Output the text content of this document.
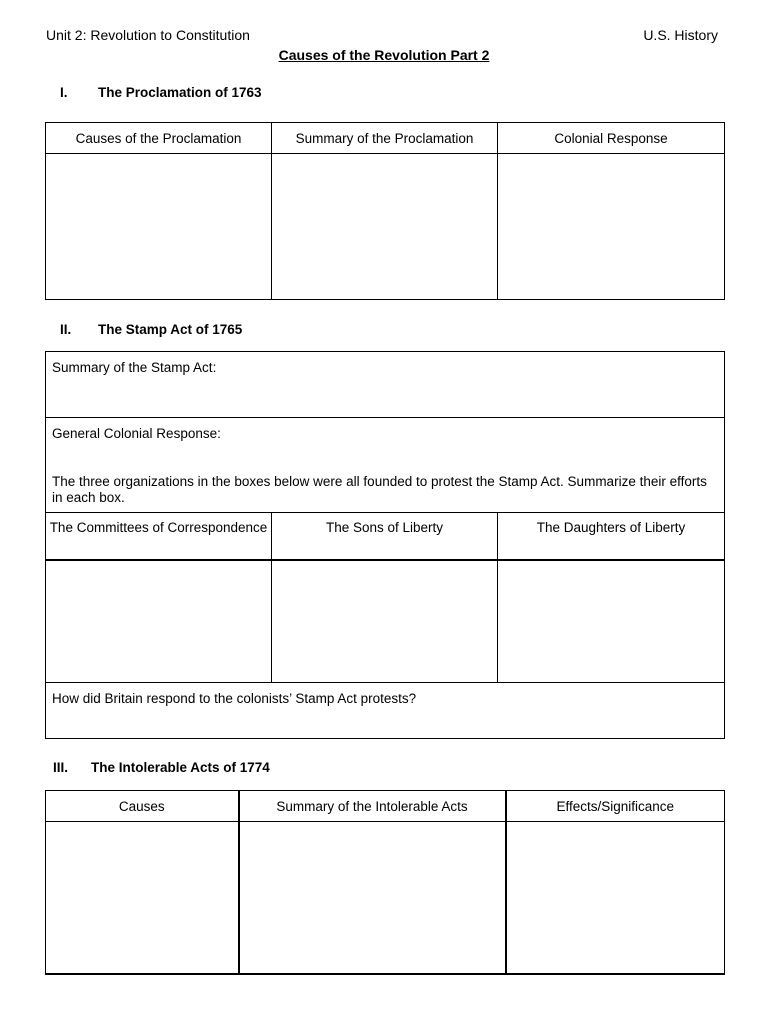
Unit 2: Revolution to Constitution	U.S. History
Causes of the Revolution Part 2
I. The Proclamation of 1763
Causes of the Proclamation	Summary of the Proclamation	Colonial Response

II. The Stamp Act of 1765

Summary of the Stamp Act:		

General Colonial Response:

The three organizations in the boxes below were all founded to protest the Stamp Act. Summarize their efforts in each box.		

The Committees of Correspondence	The Sons of Liberty	The Daughters of Liberty

How did Britain respond to the colonists’ Stamp Act protests?		

III. The Intolerable Acts of 1774
Causes	Summary of the Intolerable Acts	Effects/Significance
